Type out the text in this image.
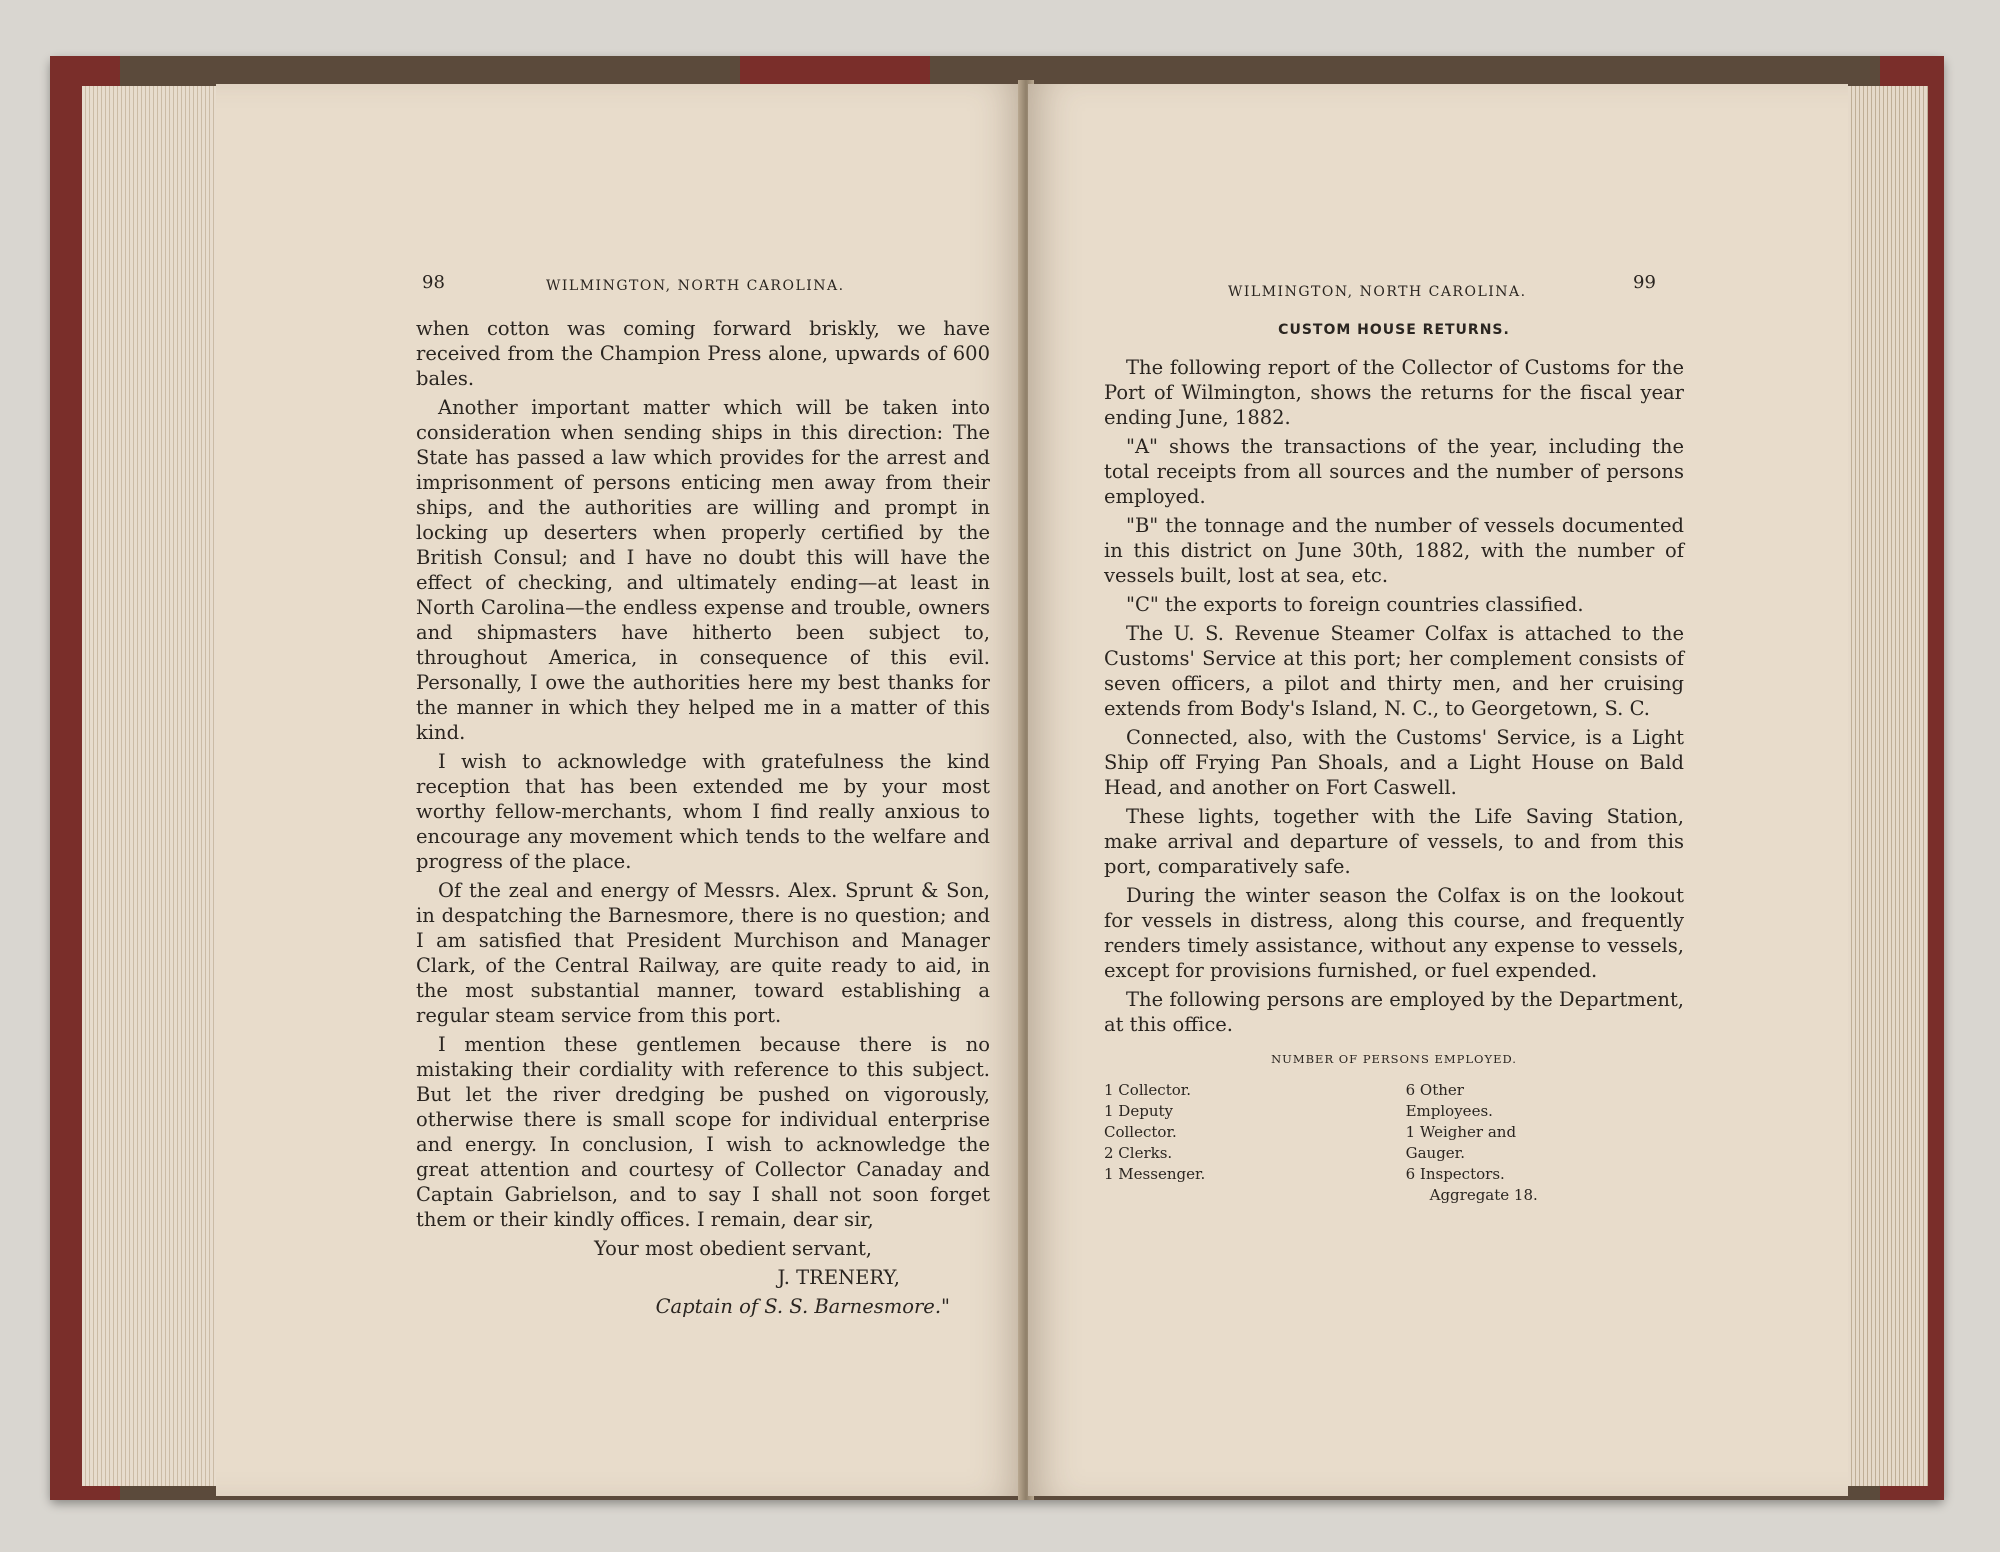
98	WILMINGTON, NORTH CAROLINA.

when cotton was coming forward briskly, we have received from the Champion Press alone, upwards of 600 bales.

Another important matter which will be taken into consideration when sending ships in this direction: The State has passed a law which provides for the arrest and imprisonment of persons enticing men away from their ships, and the authorities are willing and prompt in locking up deserters when properly certified by the British Consul; and I have no doubt this will have the effect of checking, and ultimately ending—at least in North Carolina—the endless expense and trouble, owners and shipmasters have hitherto been subject to, throughout America, in consequence of this evil. Personally, I owe the authorities here my best thanks for the manner in which they helped me in a matter of this kind.

I wish to acknowledge with gratefulness the kind reception that has been extended me by your most worthy fellow-merchants, whom I find really anxious to encourage any movement which tends to the welfare and progress of the place.

Of the zeal and energy of Messrs. Alex. Sprunt & Son, in despatching the Barnesmore, there is no question; and I am satisfied that President Murchison and Manager Clark, of the Central Railway, are quite ready to aid, in the most substantial manner, toward establishing a regular steam service from this port.

I mention these gentlemen because there is no mistaking their cordiality with reference to this subject. But let the river dredging be pushed on vigorously, otherwise there is small scope for individual enterprise and energy. In conclusion, I wish to acknowledge the great attention and courtesy of Collector Canaday and Captain Gabrielson, and to say I shall not soon forget them or their kindly offices. I remain, dear sir,

Your most obedient servant,

J. TRENERY,

Captain of S. S. Barnesmore."

WILMINGTON, NORTH CAROLINA.	99
CUSTOM HOUSE RETURNS.

The following report of the Collector of Customs for the Port of Wilmington, shows the returns for the fiscal year ending June, 1882.

"A" shows the transactions of the year, including the total receipts from all sources and the number of persons employed.

"B" the tonnage and the number of vessels documented in this district on June 30th, 1882, with the number of vessels built, lost at sea, etc.

"C" the exports to foreign countries classified.

The U. S. Revenue Steamer Colfax is attached to the Customs' Service at this port; her complement consists of seven officers, a pilot and thirty men, and her cruising extends from Body's Island, N. C., to Georgetown, S. C.

Connected, also, with the Customs' Service, is a Light Ship off Frying Pan Shoals, and a Light House on Bald Head, and another on Fort Caswell.

These lights, together with the Life Saving Station, make arrival and departure of vessels, to and from this port, comparatively safe.

During the winter season the Colfax is on the lookout for vessels in distress, along this course, and frequently renders timely assistance, without any expense to vessels, except for provisions furnished, or fuel expended.

The following persons are employed by the Department, at this office.

NUMBER OF PERSONS EMPLOYED.
1 Collector.
1 Deputy Collector.
2 Clerks.
1 Messenger.
6 Other Employees.
1 Weigher and Gauger.
6 Inspectors.
Aggregate 18.
